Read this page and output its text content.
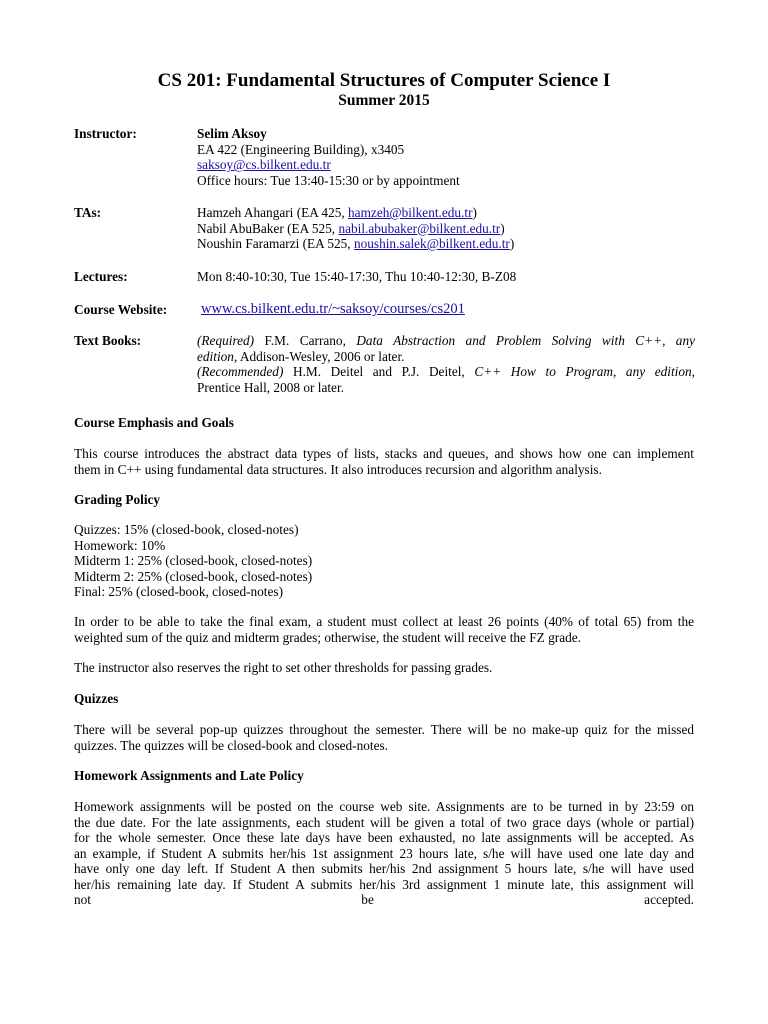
CS 201: Fundamental Structures of Computer Science I
Summer 2015
Instructor:	Selim Aksoy
EA 422 (Engineering Building), x3405
saksoy@cs.bilkent.edu.tr
Office hours: Tue 13:40-15:30 or by appointment
TAs:	Hamzeh Ahangari (EA 425, hamzeh@bilkent.edu.tr)
Nabil AbuBaker (EA 525, nabil.abubaker@bilkent.edu.tr)
Noushin Faramarzi (EA 525, noushin.salek@bilkent.edu.tr)
Lectures:	Mon 8:40-10:30, Tue 15:40-17:30, Thu 10:40-12:30, B-Z08
Course Website: www.cs.bilkent.edu.tr/~saksoy/courses/cs201
Text Books:	(Required) F.M. Carrano, Data Abstraction and Problem Solving with C++, any
edition, Addison-Wesley, 2006 or later.
(Recommended) H.M. Deitel and P.J. Deitel, C++ How to Program, any edition,
Prentice Hall, 2008 or later.
Course Emphasis and Goals
This course introduces the abstract data types of lists, stacks and queues, and shows how one can implement
them in C++ using fundamental data structures. It also introduces recursion and algorithm analysis.
Grading Policy
Quizzes: 15% (closed-book, closed-notes)
Homework: 10%
Midterm 1: 25% (closed-book, closed-notes)
Midterm 2: 25% (closed-book, closed-notes)
Final: 25% (closed-book, closed-notes)
In order to be able to take the final exam, a student must collect at least 26 points (40% of total 65) from the
weighted sum of the quiz and midterm grades; otherwise, the student will receive the FZ grade.
The instructor also reserves the right to set other thresholds for passing grades.
Quizzes
There will be several pop-up quizzes throughout the semester. There will be no make-up quiz for the missed
quizzes. The quizzes will be closed-book and closed-notes.
Homework Assignments and Late Policy
Homework assignments will be posted on the course web site. Assignments are to be turned in by 23:59 on
the due date. For the late assignments, each student will be given a total of two grace days (whole or partial)
for the whole semester. Once these late days have been exhausted, no late assignments will be accepted. As
an example, if Student A submits her/his 1st assignment 23 hours late, s/he will have used one late day and
have only one day left. If Student A then submits her/his 2nd assignment 5 hours late, s/he will have used
her/his remaining late day. If Student A submits her/his 3rd assignment 1 minute late, this assignment will
not be accepted.
